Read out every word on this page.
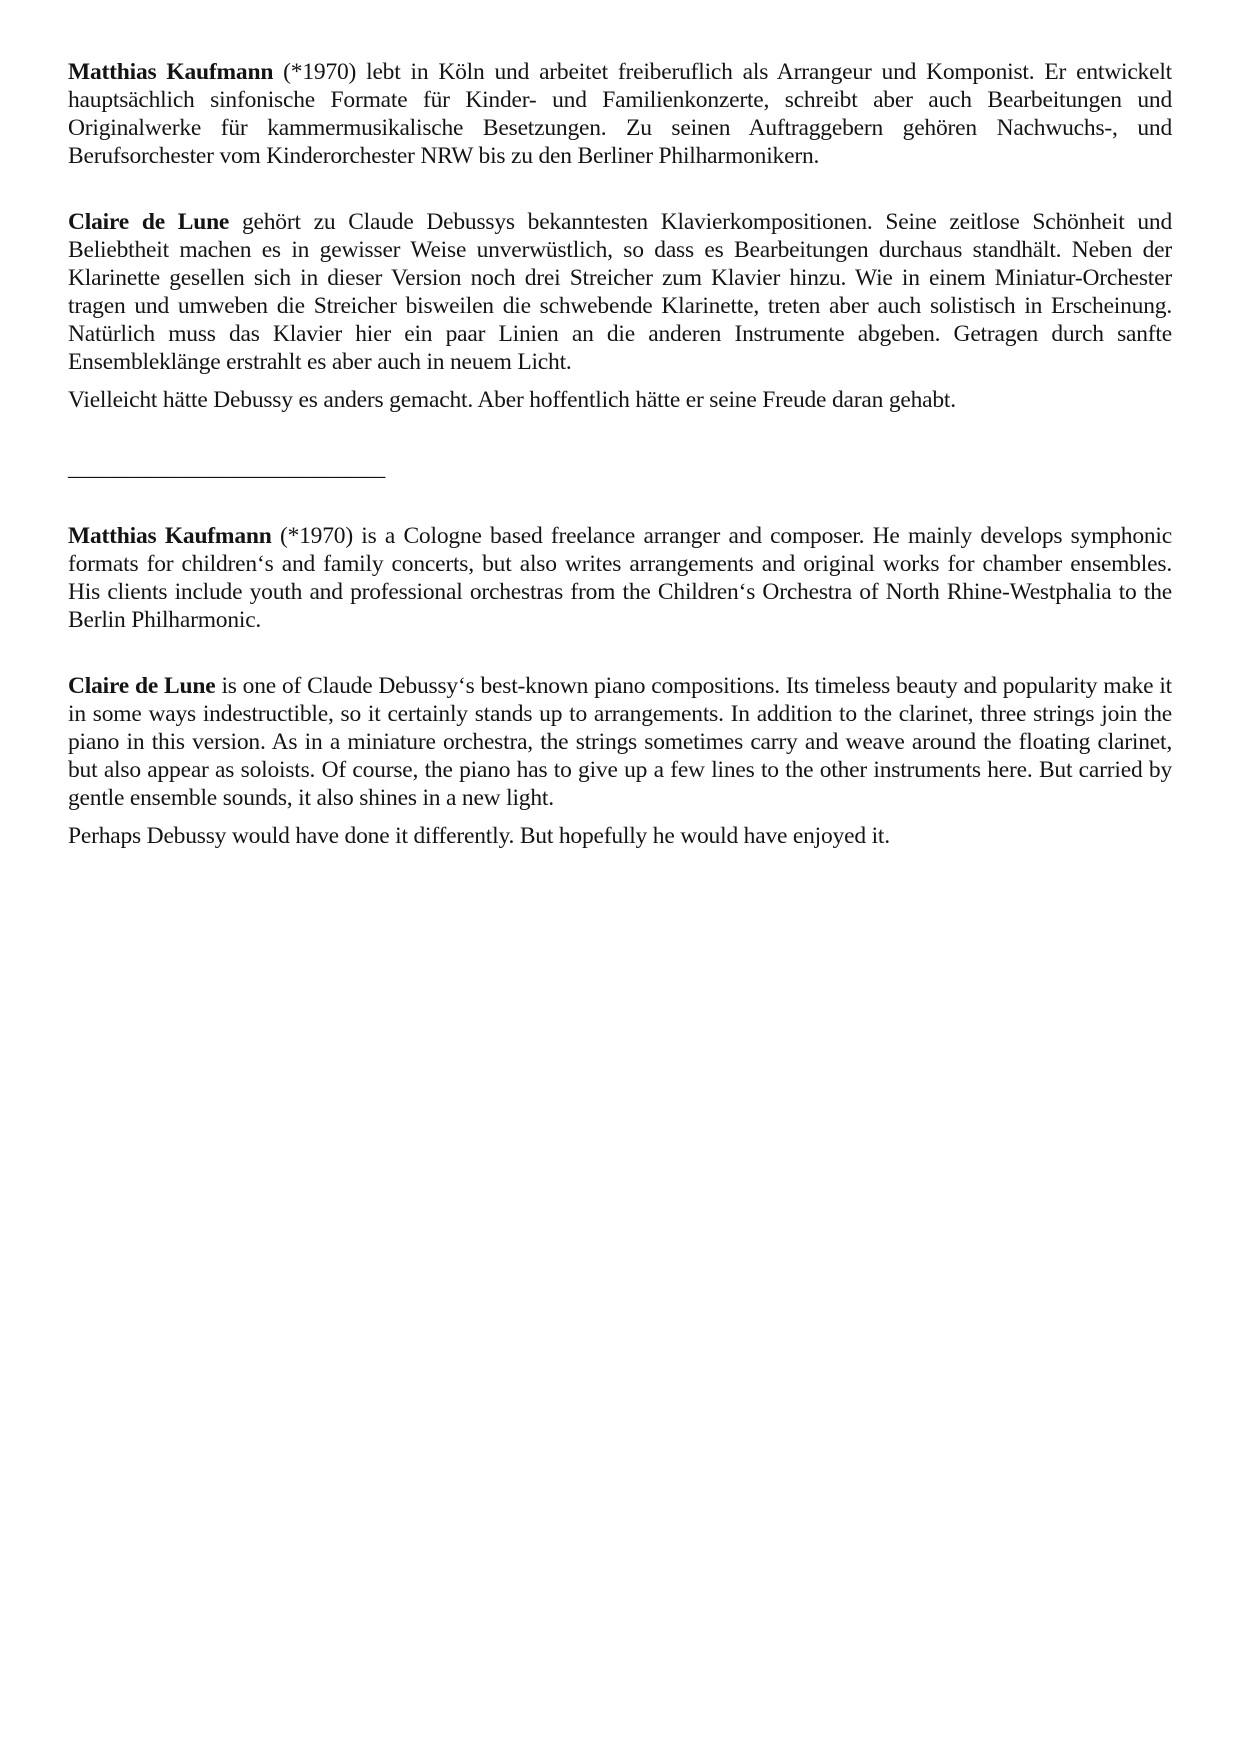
Matthias Kaufmann (*1970) lebt in Köln und arbeitet freiberuflich als Arrangeur und Komponist. Er entwickelt hauptsächlich sinfonische Formate für Kinder- und Familienkonzerte, schreibt aber auch Bearbeitungen und Originalwerke für kammermusikalische Besetzungen. Zu seinen Auftraggebern gehören Nachwuchs-, und Berufsorchester vom Kinderorchester NRW bis zu den Berliner Philharmonikern.

Claire de Lune gehört zu Claude Debussys bekanntesten Klavierkompositionen. Seine zeitlose Schönheit und Beliebtheit machen es in gewisser Weise unverwüstlich, so dass es Bearbeitungen durchaus standhält. Neben der Klarinette gesellen sich in dieser Version noch drei Streicher zum Klavier hinzu. Wie in einem Miniatur-Orchester tragen und umweben die Streicher bisweilen die schwebende Klarinette, treten aber auch solistisch in Erscheinung. Natürlich muss das Klavier hier ein paar Linien an die anderen Instrumente abgeben. Getragen durch sanfte Ensembleklänge erstrahlt es aber auch in neuem Licht.

Vielleicht hätte Debussy es anders gemacht. Aber hoffentlich hätte er seine Freude daran gehabt.

___________________________

Matthias Kaufmann (*1970) is a Cologne based freelance arranger and composer. He mainly develops symphonic formats for children‘s and family concerts, but also writes arrangements and original works for chamber ensembles. His clients include youth and professional orchestras from the Children‘s Orchestra of North Rhine-Westphalia to the Berlin Philharmonic.

Claire de Lune is one of Claude Debussy‘s best-known piano compositions. Its timeless beauty and popularity make it in some ways indestructible, so it certainly stands up to arrangements. In addition to the clarinet, three strings join the piano in this version. As in a miniature orchestra, the strings sometimes carry and weave around the floating clarinet, but also appear as soloists. Of course, the piano has to give up a few lines to the other instruments here. But carried by gentle ensemble sounds, it also shines in a new light.

Perhaps Debussy would have done it differently. But hopefully he would have enjoyed it.
